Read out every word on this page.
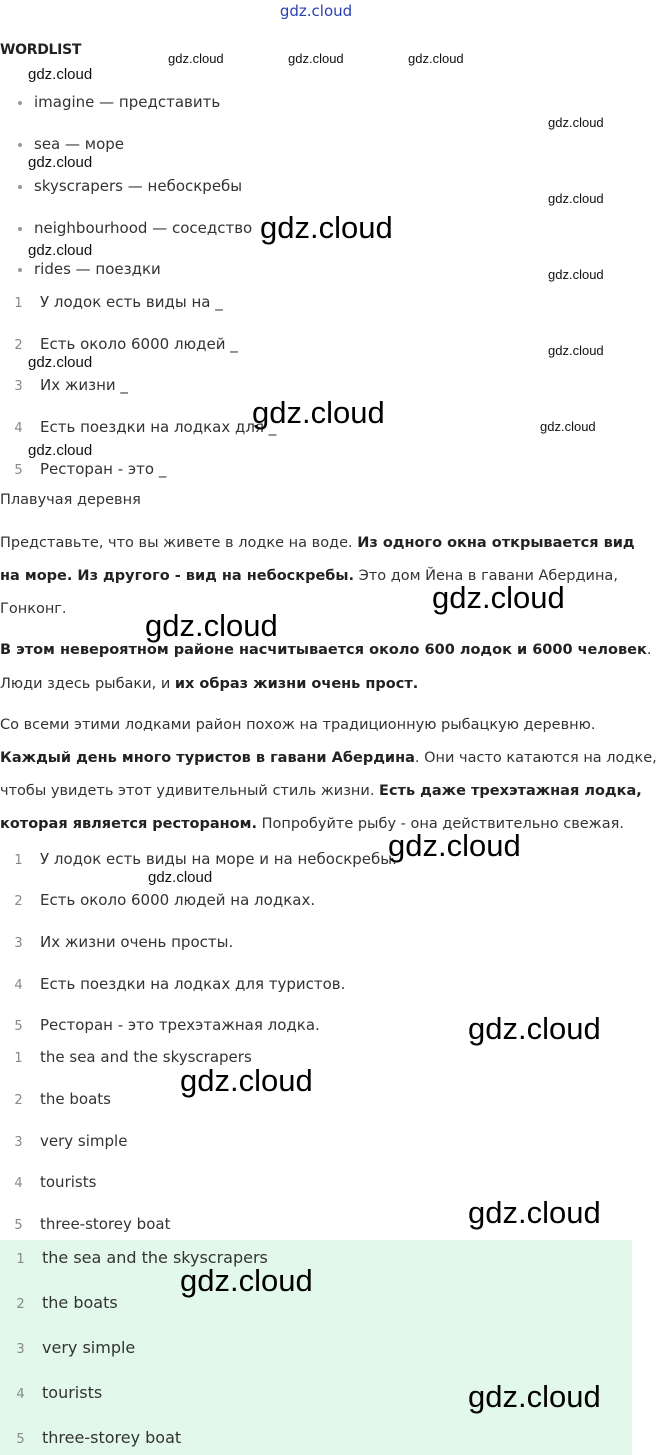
gdz.cloud
WORDLIST
gdz.cloud	gdz.cloud	gdz.cloud
gdz.cloud
gdz.cloud
gdz.cloud
gdz.cloud
gdz.cloud
gdz.cloud
gdz.cloud
gdz.cloud
gdz.cloud
gdz.cloud
gdz.cloud
imagine — представить
sea — море
skyscrapers — небоскребы
neighbourhood — соседство
rides — поездки
1 У лодок есть виды на _
2 Есть около 6000 людей _
3 Их жизни _
4 Есть поездки на лодках для _
5 Ресторан - это _
Плавучая деревня
Представьте, что вы живете в лодке на воде. Из одного окна открывается вид
на море. Из другого - вид на небоскребы. Это дом Йена в гавани Абердина,
Гонконг.
В этом невероятном районе насчитывается около 600 лодок и 6000 человек.
Люди здесь рыбаки, и их образ жизни очень прост.
Со всеми этими лодками район похож на традиционную рыбацкую деревню.
Каждый день много туристов в гавани Абердина. Они часто катаются на лодке,
чтобы увидеть этот удивительный стиль жизни. Есть даже трехэтажная лодка,
которая является рестораном. Попробуйте рыбу - она действительно свежая.
1 У лодок есть виды на море и на небоскребы.
2 Есть около 6000 людей на лодках.
3 Их жизни очень просты.
4 Есть поездки на лодках для туристов.
5 Ресторан - это трехэтажная лодка.
1 the sea and the skyscrapers
2 the boats
3 very simple
4 tourists
5 three-storey boat
1 the sea and the skyscrapers
2 the boats
3 very simple
4 tourists
5 three-storey boat
gdz.cloud
gdz.cloud
gdz.cloud
gdz.cloud
gdz.cloud
gdz.cloud
gdz.cloud
gdz.cloud
gdz.cloud
gdz.cloud
